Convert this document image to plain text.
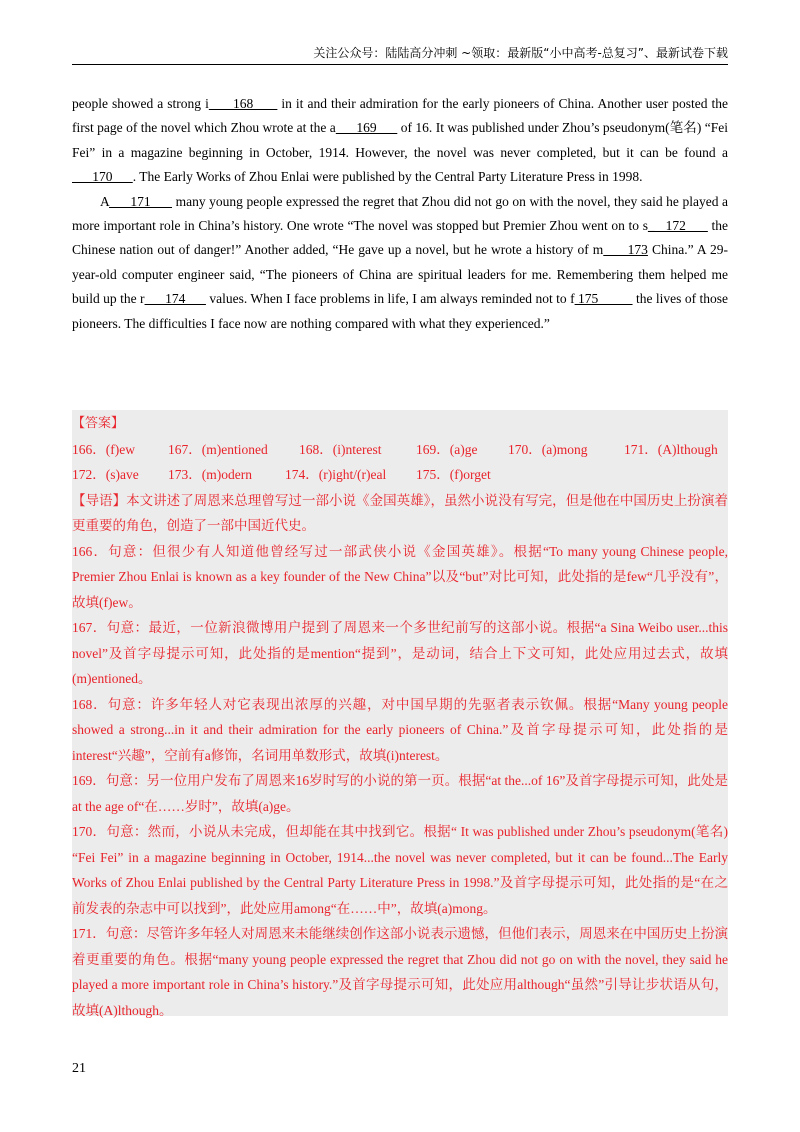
关注公众号：陆陆高分冲刺 ~领取：最新版“小中高考-总复习”、最新试卷下载

people showed a strong i      168       in it and their admiration for the early pioneers of China. Another user posted the first page of the novel which Zhou wrote at the a      169       of 16. It was published under Zhou’s pseudonym(笔名) “Fei Fei” in a magazine beginning in October, 1914. However, the novel was never completed, but it can be found a      170      . The Early Works of Zhou Enlai were published by the Central Party Literature Press in 1998.

A      171       many young people expressed the regret that Zhou did not go on with the novel, they said he played a more important role in China’s history. One wrote “The novel was stopped but Premier Zhou went on to s_   172       the Chinese nation out of danger!” Another added, “He gave up a novel, but he wrote a history of m      173 China.” A 29-year-old computer engineer said, “The pioneers of China are spiritual leaders for me. Remembering them helped me build up the r      174       values. When I face problems in life, I am always reminded not to f 175           the lives of those pioneers. The difficulties I face now are nothing compared with what they experienced.”

【答案】

166．(f)ew 167．(m)entioned 168．(i)nterest	169．(a)ge 170．(a)mong	171．(A)lthough

172．(s)ave 173．(m)odern 174．(r)ight/(r)eal 175．(f)orget

【导语】本文讲述了周恩来总理曾写过一部小说《金国英雄》，虽然小说没有写完，但是他在中国历史上扮演着更重要的角色，创造了一部中国近代史。

166．句意：但很少有人知道他曾经写过一部武侠小说《金国英雄》。根据“To many young Chinese people, Premier Zhou Enlai is known as a key founder of the New China”以及“but”对比可知，此处指的是few“几乎没有”，故填(f)ew。

167．句意：最近，一位新浪微博用户提到了周恩来一个多世纪前写的这部小说。根据“a Sina Weibo user...this novel”及首字母提示可知，此处指的是mention“提到”，是动词，结合上下文可知，此处应用过去式，故填(m)entioned。

168．句意：许多年轻人对它表现出浓厚的兴趣，对中国早期的先驱者表示钦佩。根据“Many young people showed a strong...in it and their admiration for the early pioneers of China.”及首字母提示可知，此处指的是interest“兴趣”，空前有a修饰，名词用单数形式，故填(i)nterest。

169．句意：另一位用户发布了周恩来16岁时写的小说的第一页。根据“at the...of 16”及首字母提示可知，此处是at the age of“在……岁时”，故填(a)ge。

170．句意：然而，小说从未完成，但却能在其中找到它。根据“ It was published under Zhou’s pseudonym(笔名) “Fei Fei” in a magazine beginning in October, 1914...the novel was never completed, but it can be found...The Early Works of Zhou Enlai published by the Central Party Literature Press in 1998.”及首字母提示可知，此处指的是“在之前发表的杂志中可以找到”，此处应用among“在……中”，故填(a)mong。

171．句意：尽管许多年轻人对周恩来未能继续创作这部小说表示遗憾，但他们表示，周恩来在中国历史上扮演着更重要的角色。根据“many young people expressed the regret that Zhou did not go on with the novel, they said he played a more important role in China’s history.”及首字母提示可知，此处应用although“虽然”引导让步状语从句，故填(A)lthough。

21
